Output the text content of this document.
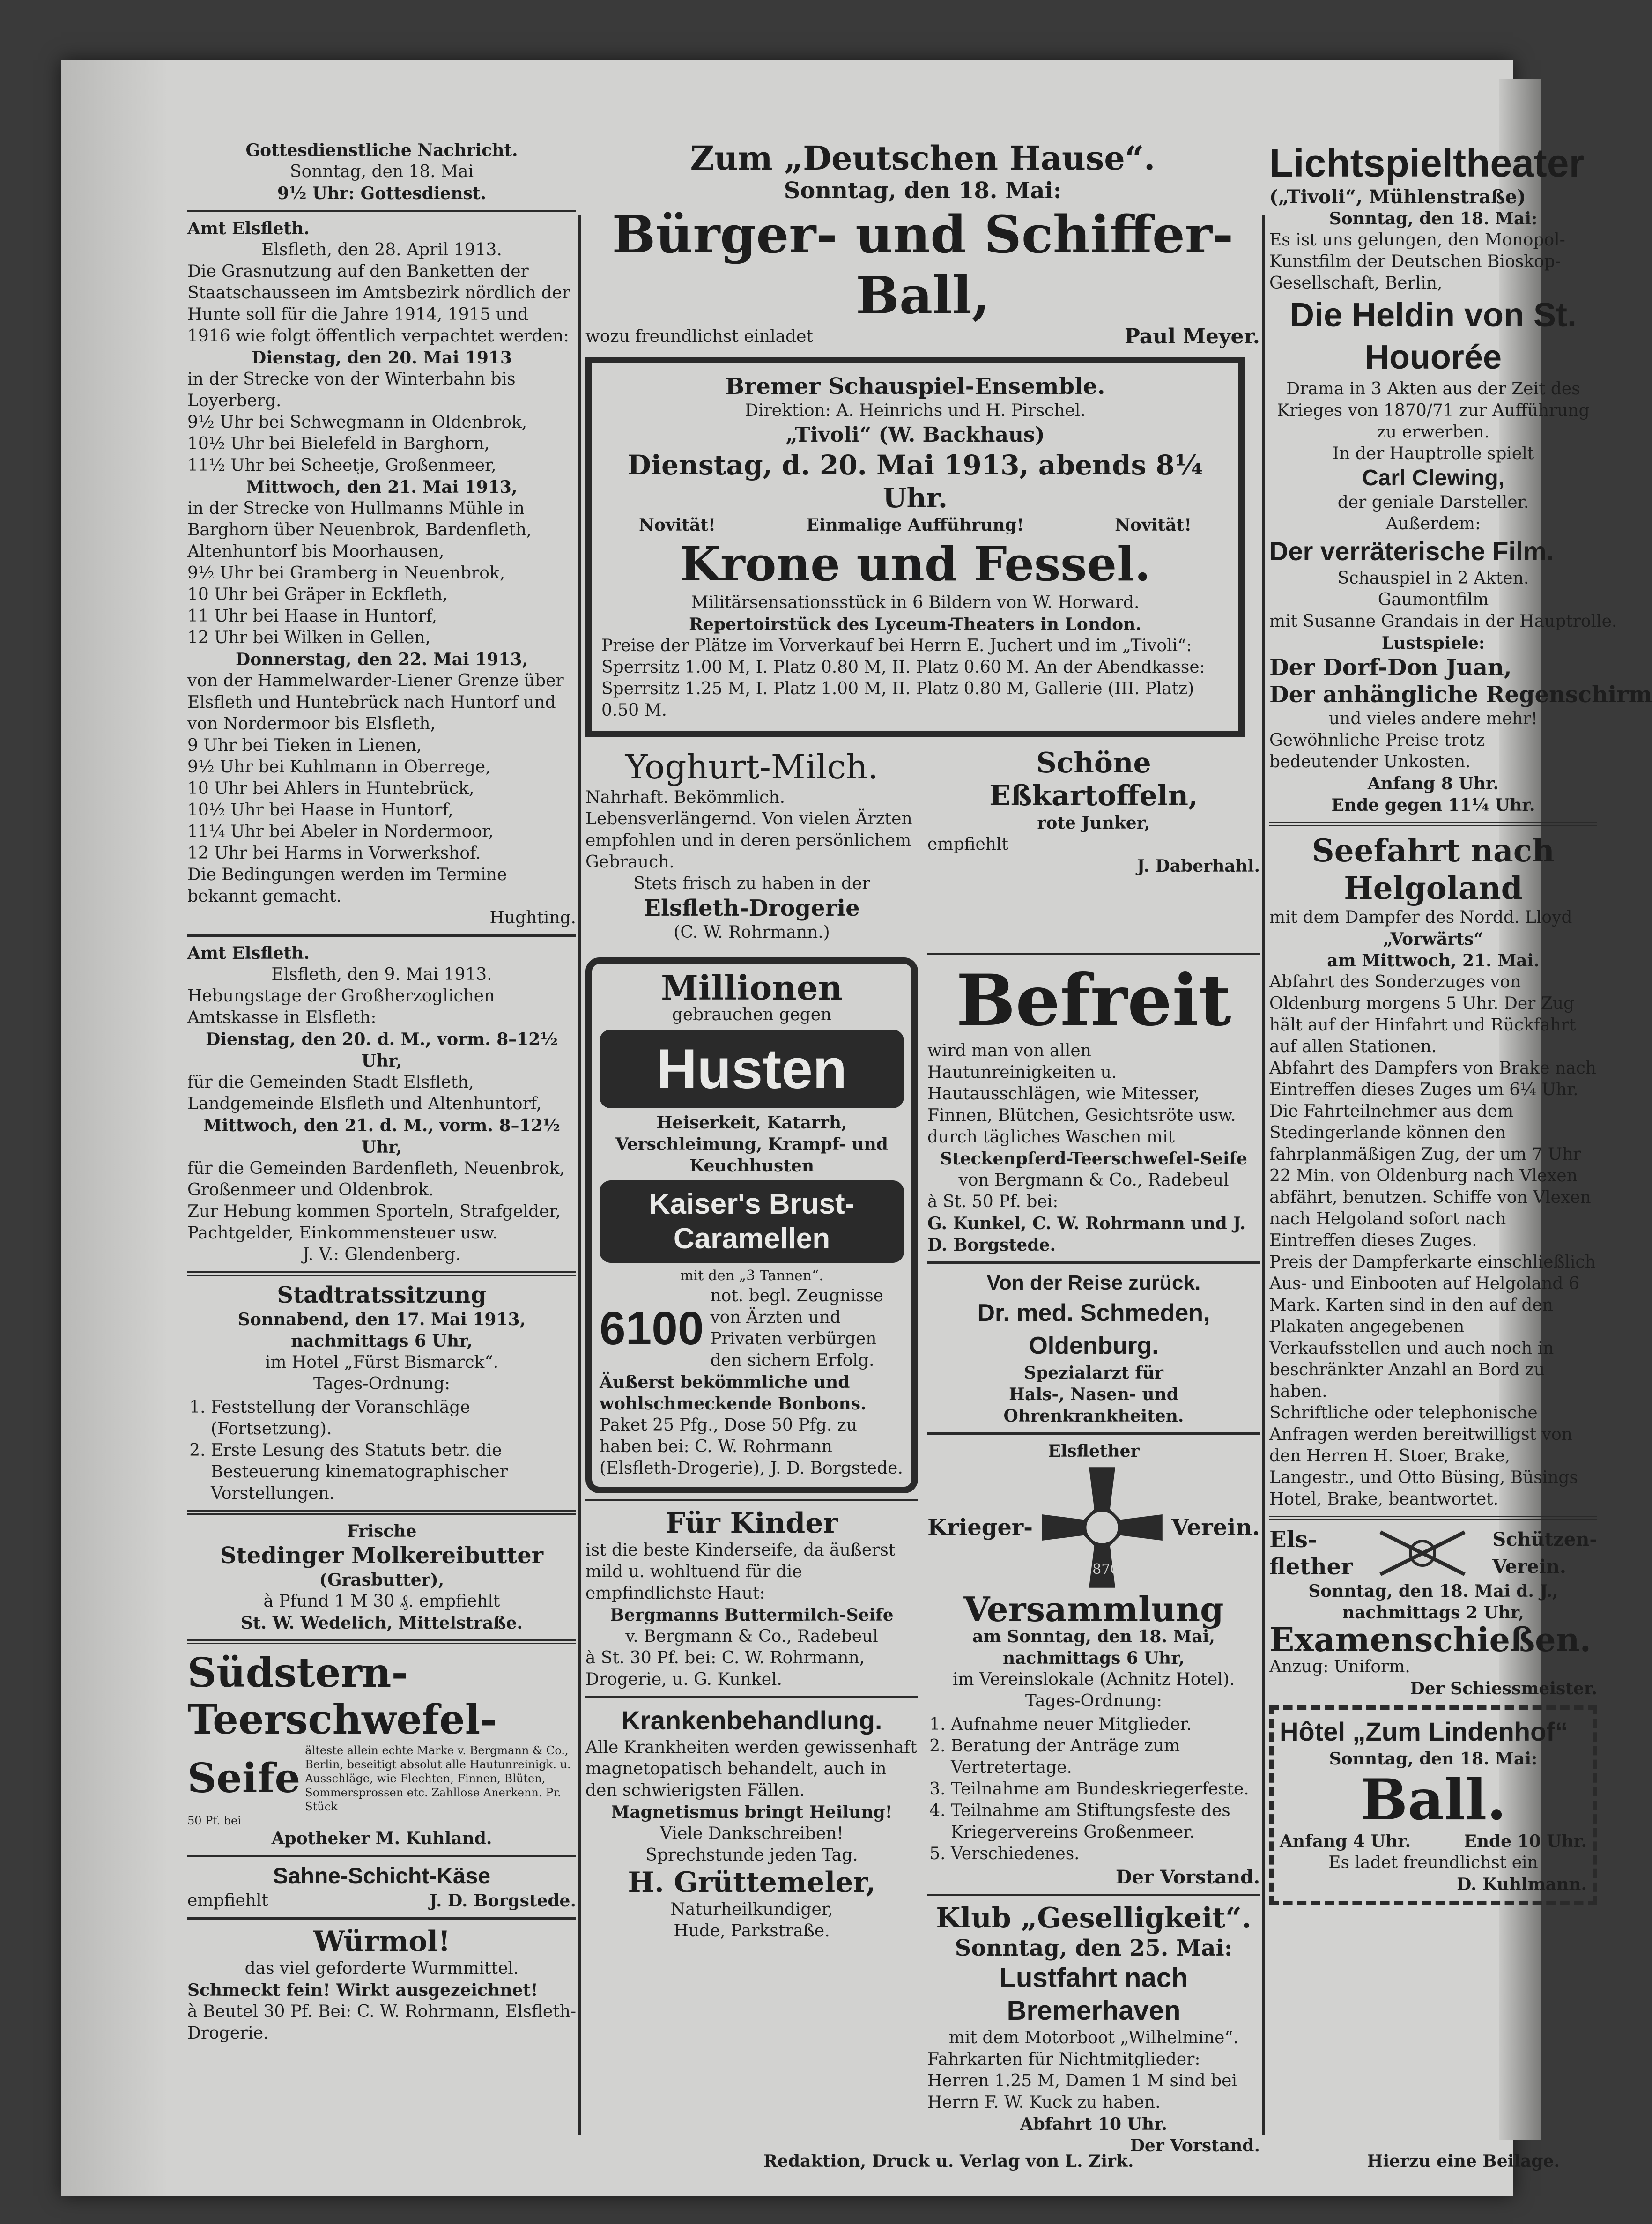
Gottesdienstliche Nachricht.
Sonntag, den 18. Mai
9½ Uhr: Gottesdienst.
Amt Elsfleth.
Elsfleth, den 28. April 1913.
Die Grasnutzung auf den Banketten der Staatschausseen im Amtsbezirk nördlich der Hunte soll für die Jahre 1914, 1915 und 1916 wie folgt öffentlich verpachtet werden:
Dienstag, den 20. Mai 1913
in der Strecke von der Winterbahn bis Loyerberg.
9½ Uhr bei Schwegmann in Oldenbrok,
10½ Uhr bei Bielefeld in Barghorn,
11½ Uhr bei Scheetje, Großenmeer,
Mittwoch, den 21. Mai 1913,
in der Strecke von Hullmanns Mühle in Barghorn über Neuenbrok, Bardenfleth, Altenhuntorf bis Moorhausen,
9½ Uhr bei Gramberg in Neuenbrok,
10 Uhr bei Gräper in Eckfleth,
11 Uhr bei Haase in Huntorf,
12 Uhr bei Wilken in Gellen,
Donnerstag, den 22. Mai 1913,
von der Hammelwarder-Liener Grenze über Elsfleth und Huntebrück nach Huntorf und von Nordermoor bis Elsfleth,
9 Uhr bei Tieken in Lienen,
9½ Uhr bei Kuhlmann in Oberrege,
10 Uhr bei Ahlers in Huntebrück,
10½ Uhr bei Haase in Huntorf,
11¼ Uhr bei Abeler in Nordermoor,
12 Uhr bei Harms in Vorwerkshof.
Die Bedingungen werden im Termine bekannt gemacht.
Hughting.
Amt Elsfleth.
Elsfleth, den 9. Mai 1913.
Hebungstage der Großherzoglichen Amtskasse in Elsfleth:
Dienstag, den 20. d. M., vorm. 8–12½ Uhr,
für die Gemeinden Stadt Elsfleth, Landgemeinde Elsfleth und Altenhuntorf,
Mittwoch, den 21. d. M., vorm. 8–12½ Uhr,
für die Gemeinden Bardenfleth, Neuenbrok, Großenmeer und Oldenbrok.
Zur Hebung kommen Sporteln, Strafgelder, Pachtgelder, Einkommensteuer usw.
J. V.: Glendenberg.
Stadtratssitzung
Sonnabend, den 17. Mai 1913, nachmittags 6 Uhr,
im Hotel „Fürst Bismarck“.
Tages-Ordnung:
1. Feststellung der Voranschläge (Fortsetzung).
2. Erste Lesung des Statuts betr. die Besteuerung kinematographischer Vorstellungen.
Frische
Stedinger Molkereibutter
(Grasbutter),
à Pfund 1 M 30 ₰. empfiehlt
St. W. Wedelich, Mittelstraße.
Südstern-
Teerschwefel-
Seife
älteste allein echte Marke v. Bergmann & Co., Berlin, beseitigt absolut alle Hautunreinigk. u. Ausschläge, wie Flechten, Finnen, Blüten, Sommersprossen etc. Zahllose Anerkenn. Pr. Stück
50 Pf. bei
Apotheker M. Kuhland.
Sahne-Schicht-Käse
empfiehlt	J. D. Borgstede.
Würmol!
das viel geforderte Wurmmittel.
Schmeckt fein! Wirkt ausgezeichnet!
à Beutel 30 Pf. Bei: C. W. Rohrmann, Elsfleth-Drogerie.
Zum „Deutschen Hause“.
Sonntag, den 18. Mai:
Bürger- und Schiffer-Ball,
wozu freundlichst einladet	Paul Meyer.
Bremer Schauspiel-Ensemble.
Direktion: A. Heinrichs und H. Pirschel.
„Tivoli“ (W. Backhaus)
Dienstag, d. 20. Mai 1913, abends 8¼ Uhr.
Novität!	Einmalige Aufführung!	Novität!
Krone und Fessel.
Militärsensationsstück in 6 Bildern von W. Horward.
Repertoirstück des Lyceum-Theaters in London.
Preise der Plätze im Vorverkauf bei Herrn E. Juchert und im „Tivoli“: Sperrsitz 1.00 M, I. Platz 0.80 M, II. Platz 0.60 M. An der Abendkasse: Sperrsitz 1.25 M, I. Platz 1.00 M, II. Platz 0.80 M, Gallerie (III. Platz) 0.50 M.
Yoghurt-Milch.
Nahrhaft. Bekömmlich. Lebensverlängernd. Von vielen Ärzten empfohlen und in deren persönlichem Gebrauch.
Stets frisch zu haben in der
Elsfleth-Drogerie
(C. W. Rohrmann.)
Schöne Eßkartoffeln,
rote Junker,
empfiehlt
J. Daberhahl.
Millionen
gebrauchen gegen
Husten
Heiserkeit, Katarrh, Verschleimung, Krampf- und Keuchhusten
Kaiser's Brust-Caramellen
mit den „3 Tannen“.
6100
not. begl. Zeugnisse von Ärzten und Privaten verbürgen den sichern Erfolg.
Äußerst bekömmliche und wohlschmeckende Bonbons.
Paket 25 Pfg., Dose 50 Pfg. zu haben bei: C. W. Rohrmann (Elsfleth-Drogerie), J. D. Borgstede.
Für Kinder
ist die beste Kinderseife, da äußerst mild u. wohltuend für die empfindlichste Haut:
Bergmanns Buttermilch-Seife
v. Bergmann & Co., Radebeul
à St. 30 Pf. bei: C. W. Rohrmann, Drogerie, u. G. Kunkel.
Krankenbehandlung.
Alle Krankheiten werden gewissenhaft magnetopatisch behandelt, auch in den schwierigsten Fällen.
Magnetismus bringt Heilung!
Viele Dankschreiben!
Sprechstunde jeden Tag.
H. Grüttemeler,
Naturheilkundiger,
Hude, Parkstraße.
Befreit
wird man von allen Hautunreinigkeiten u. Hautausschlägen, wie Mitesser, Finnen, Blütchen, Gesichtsröte usw. durch tägliches Waschen mit
Steckenpferd-Teerschwefel-Seife
von Bergmann & Co., Radebeul
à St. 50 Pf. bei:
G. Kunkel, C. W. Rohrmann und J. D. Borgstede.
Von der Reise zurück.
Dr. med. Schmeden, Oldenburg.
Spezialarzt für
Hals-, Nasen- und Ohrenkrankheiten.
Elsflether
Krieger-
1870
Verein.
Versammlung
am Sonntag, den 18. Mai, nachmittags 6 Uhr,
im Vereinslokale (Achnitz Hotel).
Tages-Ordnung:
1. Aufnahme neuer Mitglieder.
2. Beratung der Anträge zum Vertretertage.
3. Teilnahme am Bundeskriegerfeste.
4. Teilnahme am Stiftungsfeste des Kriegervereins Großenmeer.
5. Verschiedenes.
Der Vorstand.
Klub „Geselligkeit“.
Sonntag, den 25. Mai:
Lustfahrt nach Bremerhaven
mit dem Motorboot „Wilhelmine“.
Fahrkarten für Nichtmitglieder: Herren 1.25 M, Damen 1 M sind bei Herrn F. W. Kuck zu haben.
Abfahrt 10 Uhr.
Der Vorstand.
Lichtspieltheater
(„Tivoli“, Mühlenstraße)
Sonntag, den 18. Mai:
Es ist uns gelungen, den Monopol-Kunstfilm der Deutschen Bioskop-Gesellschaft, Berlin,
Die Heldin von St. Houorée
Drama in 3 Akten aus der Zeit des Krieges von 1870/71 zur Aufführung zu erwerben.
In der Hauptrolle spielt
Carl Clewing,
der geniale Darsteller.
Außerdem:
Der verräterische Film.
Schauspiel in 2 Akten.
Gaumontfilm
mit Susanne Grandais in der Hauptrolle.
Lustspiele:
Der Dorf-Don Juan,
Der anhängliche Regenschirm
und vieles andere mehr!
Gewöhnliche Preise trotz bedeutender Unkosten.
Anfang 8 Uhr.
Ende gegen 11¼ Uhr.
Seefahrt nach Helgoland
mit dem Dampfer des Nordd. Lloyd
„Vorwärts“
am Mittwoch, 21. Mai.
Abfahrt des Sonderzuges von Oldenburg morgens 5 Uhr. Der Zug hält auf der Hinfahrt und Rückfahrt auf allen Stationen.
Abfahrt des Dampfers von Brake nach Eintreffen dieses Zuges um 6¼ Uhr.
Die Fahrteilnehmer aus dem Stedingerlande können den fahrplanmäßigen Zug, der um 7 Uhr 22 Min. von Oldenburg nach Vlexen abfährt, benutzen. Schiffe von Vlexen nach Helgoland sofort nach Eintreffen dieses Zuges.
Preis der Dampferkarte einschließlich Aus- und Einbooten auf Helgoland 6 Mark. Karten sind in den auf den Plakaten angegebenen Verkaufsstellen und auch noch in beschränkter Anzahl an Bord zu haben.
Schriftliche oder telephonische Anfragen werden bereitwilligst von den Herren H. Stoer, Brake, Langestr., und Otto Büsing, Büsings Hotel, Brake, beantwortet.
Els-
flether
Schützen-
Verein.
Sonntag, den 18. Mai d. J., nachmittags 2 Uhr,
Examenschießen.
Anzug: Uniform.
Der Schiessmeister.
Hôtel „Zum Lindenhof“
Sonntag, den 18. Mai:
Ball.
Anfang 4 Uhr.	Ende 10 Uhr.
Es ladet freundlichst ein
D. Kuhlmann.
Redaktion, Druck u. Verlag von L. Zirk.	Hierzu eine Beilage.
